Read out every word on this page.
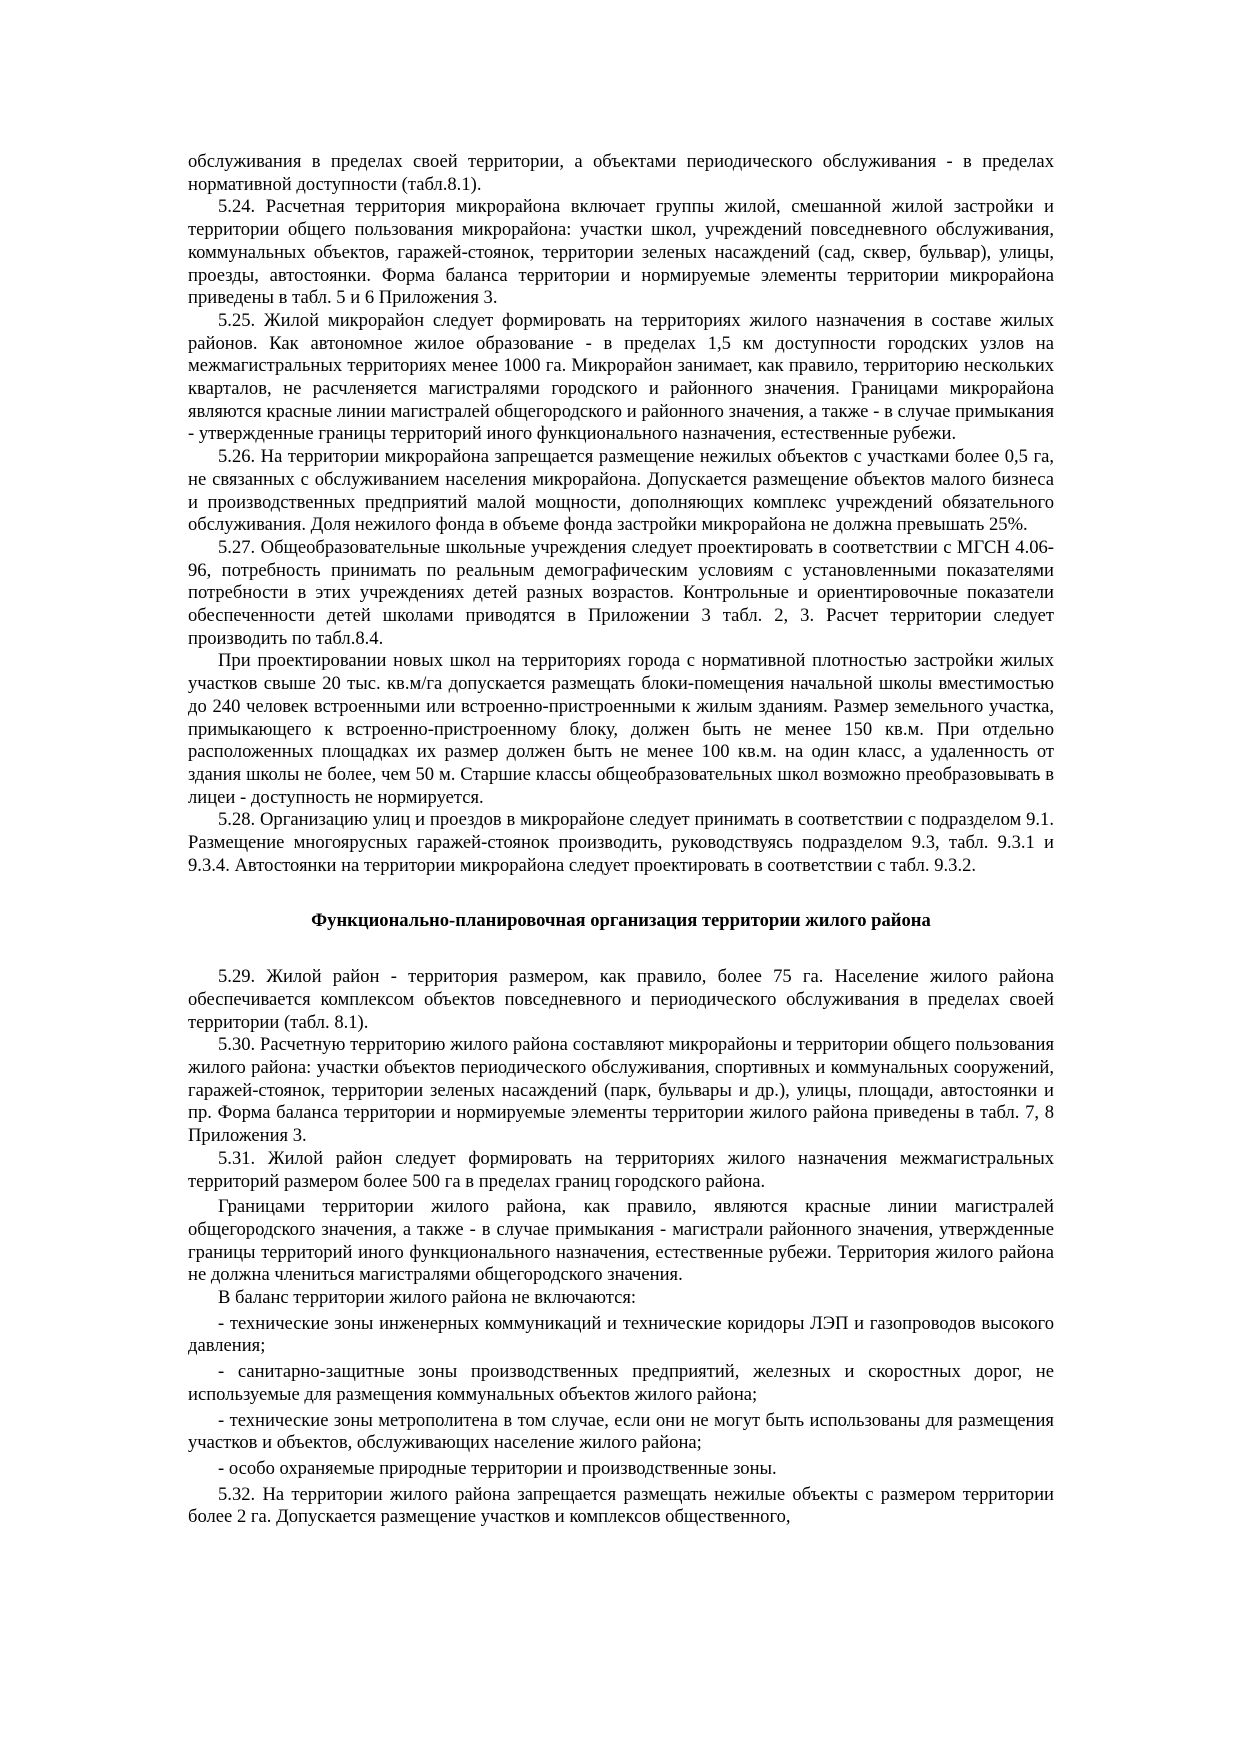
обслуживания в пределах своей территории, а объектами периодического обслуживания - в пределах нормативной доступности (табл.8.1).

5.24. Расчетная территория микрорайона включает группы жилой, смешанной жилой застройки и территории общего пользования микрорайона: участки школ, учреждений повседневного обслуживания, коммунальных объектов, гаражей-стоянок, территории зеленых насаждений (сад, сквер, бульвар), улицы, проезды, автостоянки. Форма баланса территории и нормируемые элементы территории микрорайона приведены в табл. 5 и 6 Приложения 3.

5.25. Жилой микрорайон следует формировать на территориях жилого назначения в составе жилых районов. Как автономное жилое образование - в пределах 1,5 км доступности городских узлов на межмагистральных территориях менее 1000 га. Микрорайон занимает, как правило, территорию нескольких кварталов, не расчленяется магистралями городского и районного значения. Границами микрорайона являются красные линии магистралей общегородского и районного значения, а также - в случае примыкания - утвержденные границы территорий иного функционального назначения, естественные рубежи.

5.26. На территории микрорайона запрещается размещение нежилых объектов с участками более 0,5 га, не связанных с обслуживанием населения микрорайона. Допускается размещение объектов малого бизнеса и производственных предприятий малой мощности, дополняющих комплекс учреждений обязательного обслуживания. Доля нежилого фонда в объеме фонда застройки микрорайона не должна превышать 25%.

5.27. Общеобразовательные школьные учреждения следует проектировать в соответствии с МГСН 4.06-96, потребность принимать по реальным демографическим условиям с установленными показателями потребности в этих учреждениях детей разных возрастов. Контрольные и ориентировочные показатели обеспеченности детей школами приводятся в Приложении 3 табл. 2, 3. Расчет территории следует производить по табл.8.4.

При проектировании новых школ на территориях города с нормативной плотностью застройки жилых участков свыше 20 тыс. кв.м/га допускается размещать блоки-помещения начальной школы вместимостью до 240 человек встроенными или встроенно-пристроенными к жилым зданиям. Размер земельного участка, примыкающего к встроенно-пристроенному блоку, должен быть не менее 150 кв.м. При отдельно расположенных площадках их размер должен быть не менее 100 кв.м. на один класс, а удаленность от здания школы не более, чем 50 м. Старшие классы общеобразовательных школ возможно преобразовывать в лицеи - доступность не нормируется.

5.28. Организацию улиц и проездов в микрорайоне следует принимать в соответствии с подразделом 9.1. Размещение многоярусных гаражей-стоянок производить, руководствуясь подразделом 9.3, табл. 9.3.1 и 9.3.4. Автостоянки на территории микрорайона следует проектировать в соответствии с табл. 9.3.2.

Функционально-планировочная организация территории жилого района

5.29. Жилой район - территория размером, как правило, более 75 га. Население жилого района обеспечивается комплексом объектов повседневного и периодического обслуживания в пределах своей территории (табл. 8.1).

5.30. Расчетную территорию жилого района составляют микрорайоны и территории общего пользования жилого района: участки объектов периодического обслуживания, спортивных и коммунальных сооружений, гаражей-стоянок, территории зеленых насаждений (парк, бульвары и др.), улицы, площади, автостоянки и пр. Форма баланса территории и нормируемые элементы территории жилого района приведены в табл. 7, 8 Приложения 3.

5.31. Жилой район следует формировать на территориях жилого назначения межмагистральных территорий размером более 500 га в пределах границ городского района.

Границами территории жилого района, как правило, являются красные линии магистралей общегородского значения, а также - в случае примыкания - магистрали районного значения, утвержденные границы территорий иного функционального назначения, естественные рубежи. Территория жилого района не должна члениться магистралями общегородского значения.

В баланс территории жилого района не включаются:

- технические зоны инженерных коммуникаций и технические коридоры ЛЭП и газопроводов высокого давления;

- санитарно-защитные зоны производственных предприятий, железных и скоростных дорог, не используемые для размещения коммунальных объектов жилого района;

- технические зоны метрополитена в том случае, если они не могут быть использованы для размещения участков и объектов, обслуживающих население жилого района;

- особо охраняемые природные территории и производственные зоны.

5.32. На территории жилого района запрещается размещать нежилые объекты с размером территории более 2 га. Допускается размещение участков и комплексов общественного,
